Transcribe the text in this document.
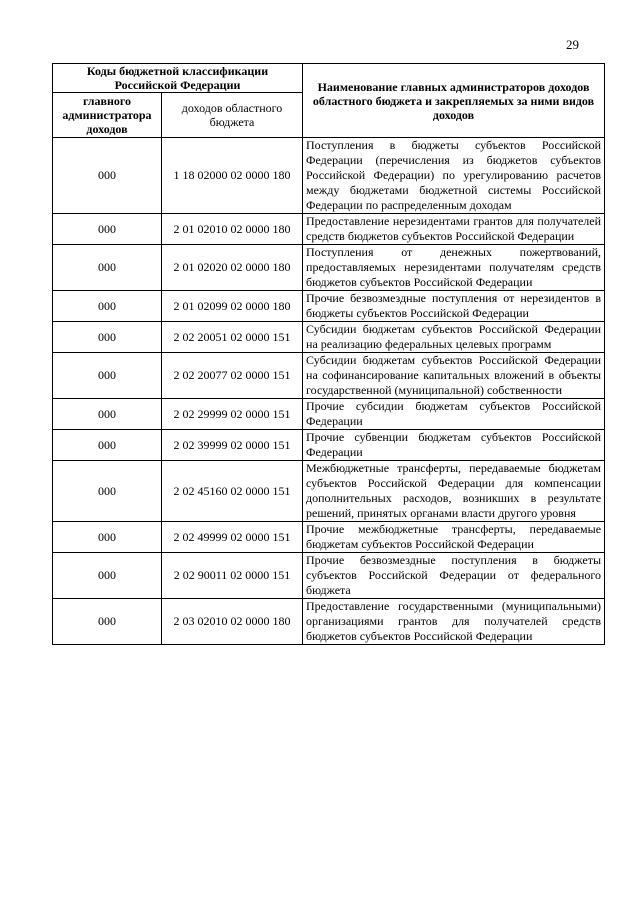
29
Коды бюджетной классификации Российской Федерации		Наименование главных администраторов доходов областного бюджета и закрепляемых за ними видов доходов
главного администратора доходов	доходов областного бюджета	
000	1 18 02000 02 0000 180	Поступления в бюджеты субъектов Российской Федерации (перечисления из бюджетов субъектов Российской Федерации) по урегулированию расчетов между бюджетами бюджетной системы Российской Федерации по распределенным доходам
000	2 01 02010 02 0000 180	Предоставление нерезидентами грантов для получателей средств бюджетов субъектов Российской Федерации
000	2 01 02020 02 0000 180	Поступления от денежных пожертвований, предоставляемых нерезидентами получателям средств бюджетов субъектов Российской Федерации
000	2 01 02099 02 0000 180	Прочие безвозмездные поступления от нерезидентов в бюджеты субъектов Российской Федерации
000	2 02 20051 02 0000 151	Субсидии бюджетам субъектов Российской Федерации на реализацию федеральных целевых программ
000	2 02 20077 02 0000 151	Субсидии бюджетам субъектов Российской Федерации на софинансирование капитальных вложений в объекты государственной (муниципальной) собственности
000	2 02 29999 02 0000 151	Прочие субсидии бюджетам субъектов Российской Федерации
000	2 02 39999 02 0000 151	Прочие субвенции бюджетам субъектов Российской Федерации
000	2 02 45160 02 0000 151	Межбюджетные трансферты, передаваемые бюджетам субъектов Российской Федерации для компенсации дополнительных расходов, возникших в результате решений, принятых органами власти другого уровня
000	2 02 49999 02 0000 151	Прочие межбюджетные трансферты, передаваемые бюджетам субъектов Российской Федерации
000	2 02 90011 02 0000 151	Прочие безвозмездные поступления в бюджеты субъектов Российской Федерации от федерального бюджета
000	2 03 02010 02 0000 180	Предоставление государственными (муниципальными) организациями грантов для получателей средств бюджетов субъектов Российской Федерации
